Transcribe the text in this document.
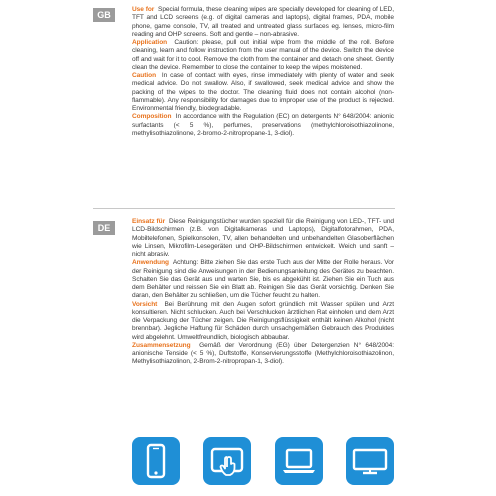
GB

Use for Special formula, these cleaning wipes are specially developed for cleaning of LED, TFT and LCD screens (e.g. of digital cameras and laptops), digital frames, PDA, mobile phone, game console, TV, all treated and untreated glass surfaces eg. lenses, micro-film reading and OHP screens. Soft and gentle – non-abrasive.

Application Caution: please, pull out initial wipe from the middle of the roll. Before cleaning, learn and follow instruction from the user manual of the device. Switch the device off and wait for it to cool. Remove the cloth from the container and detach one sheet. Gently clean the device. Remember to close the container to keep the wipes moistened.

Caution In case of contact with eyes, rinse immediately with plenty of water and seek medical advice. Do not swallow. Also, if swallowed, seek medical advice and show the packing of the wipes to the doctor. The cleaning fluid does not contain alcohol (non-flammable). Any responsibility for damages due to improper use of the product is rejected. Environmental friendly, biodegradable.

Composition In accordance with the Regulation (EC) on detergents N° 648/2004: anionic surfactants (< 5 %), perfumes, preservations (methylchloroisothiazolinone, methylisothiazolinone, 2-bromo-2-nitropropane-1, 3-diol).

DE

Einsatz für Diese Reinigungstücher wurden speziell für die Reinigung von LED-, TFT- und LCD-Bildschirmen (z.B. von Digitalkameras und Laptops), Digitalfotorahmen, PDA, Mobiltelefonen, Spielkonsolen, TV, allen behandelten und unbehandelten Glasoberflächen wie Linsen, Mikrofilm-Lesegeräten und OHP-Bildschirmen entwickelt. Weich und sanft – nicht abrasiv.

Anwendung Achtung: Bitte ziehen Sie das erste Tuch aus der Mitte der Rolle heraus. Vor der Reinigung sind die Anweisungen in der Bedienungsanleitung des Gerätes zu beachten. Schalten Sie das Gerät aus und warten Sie, bis es abgekühlt ist. Ziehen Sie ein Tuch aus dem Behälter und reissen Sie ein Blatt ab. Reinigen Sie das Gerät vorsichtig. Denken Sie daran, den Behälter zu schließen, um die Tücher feucht zu halten.

Vorsicht Bei Berührung mit den Augen sofort gründlich mit Wasser spülen und Arzt konsultieren. Nicht schlucken. Auch bei Verschlucken ärztlichen Rat einholen und dem Arzt die Verpackung der Tücher zeigen. Die Reinigungsflüssigkeit enthält keinen Alkohol (nicht brennbar). Jegliche Haftung für Schäden durch unsachgemäßen Gebrauch des Produktes wird abgelehnt. Umweltfreundlich, biologisch abbaubar.

Zusammensetzung Gemäß der Verordnung (EG) über Detergenzien N° 648/2004: anionische Tenside (< 5 %), Duftstoffe, Konservierungsstoffe (Methylchloroisothiazolinon, Methylisothiazolinon, 2-Brom-2-nitropropan-1, 3-diol).
